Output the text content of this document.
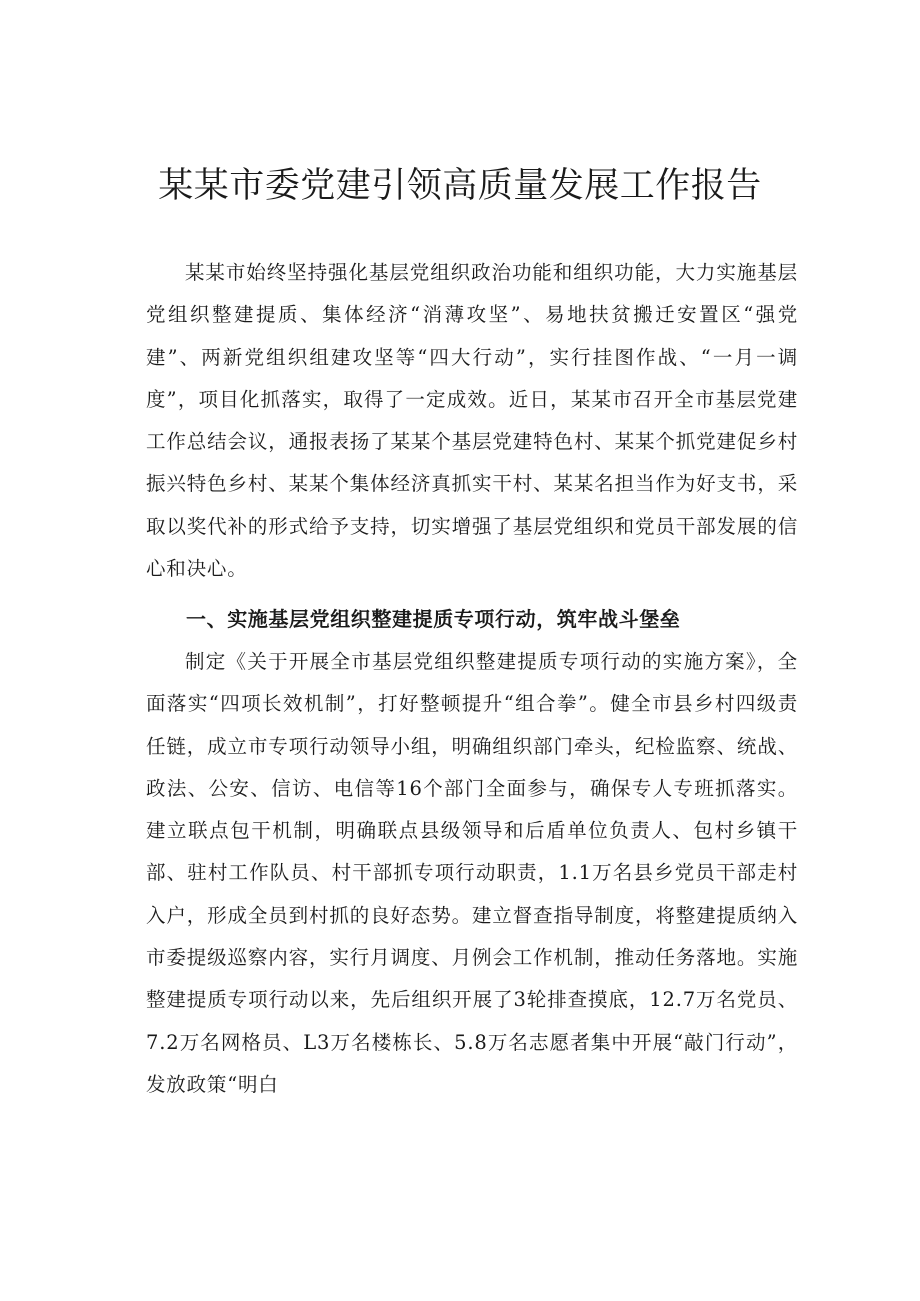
某某市委党建引领高质量发展工作报告

某某市始终坚持强化基层党组织政治功能和组织功能，大力实施基层党组织整建提质、集体经济“消薄攻坚”、易地扶贫搬迁安置区“强党建”、两新党组织组建攻坚等“四大行动”，实行挂图作战、“一月一调度”，项目化抓落实，取得了一定成效。近日，某某市召开全市基层党建工作总结会议，通报表扬了某某个基层党建特色村、某某个抓党建促乡村振兴特色乡村、某某个集体经济真抓实干村、某某名担当作为好支书，采取以奖代补的形式给予支持，切实增强了基层党组织和党员干部发展的信心和决心。

一、实施基层党组织整建提质专项行动，筑牢战斗堡垒

制定《关于开展全市基层党组织整建提质专项行动的实施方案》，全面落实“四项长效机制”，打好整顿提升“组合拳”。健全市县乡村四级责任链，成立市专项行动领导小组，明确组织部门牵头，纪检监察、统战、政法、公安、信访、电信等16个部门全面参与，确保专人专班抓落实。建立联点包干机制，明确联点县级领导和后盾单位负责人、包村乡镇干部、驻村工作队员、村干部抓专项行动职责，1.1万名县乡党员干部走村入户，形成全员到村抓的良好态势。建立督查指导制度，将整建提质纳入市委提级巡察内容，实行月调度、月例会工作机制，推动任务落地。实施整建提质专项行动以来，先后组织开展了3轮排查摸底，12.7万名党员、7.2万名网格员、L3万名楼栋长、5.8万名志愿者集中开展“敲门行动”，发放政策“明白
